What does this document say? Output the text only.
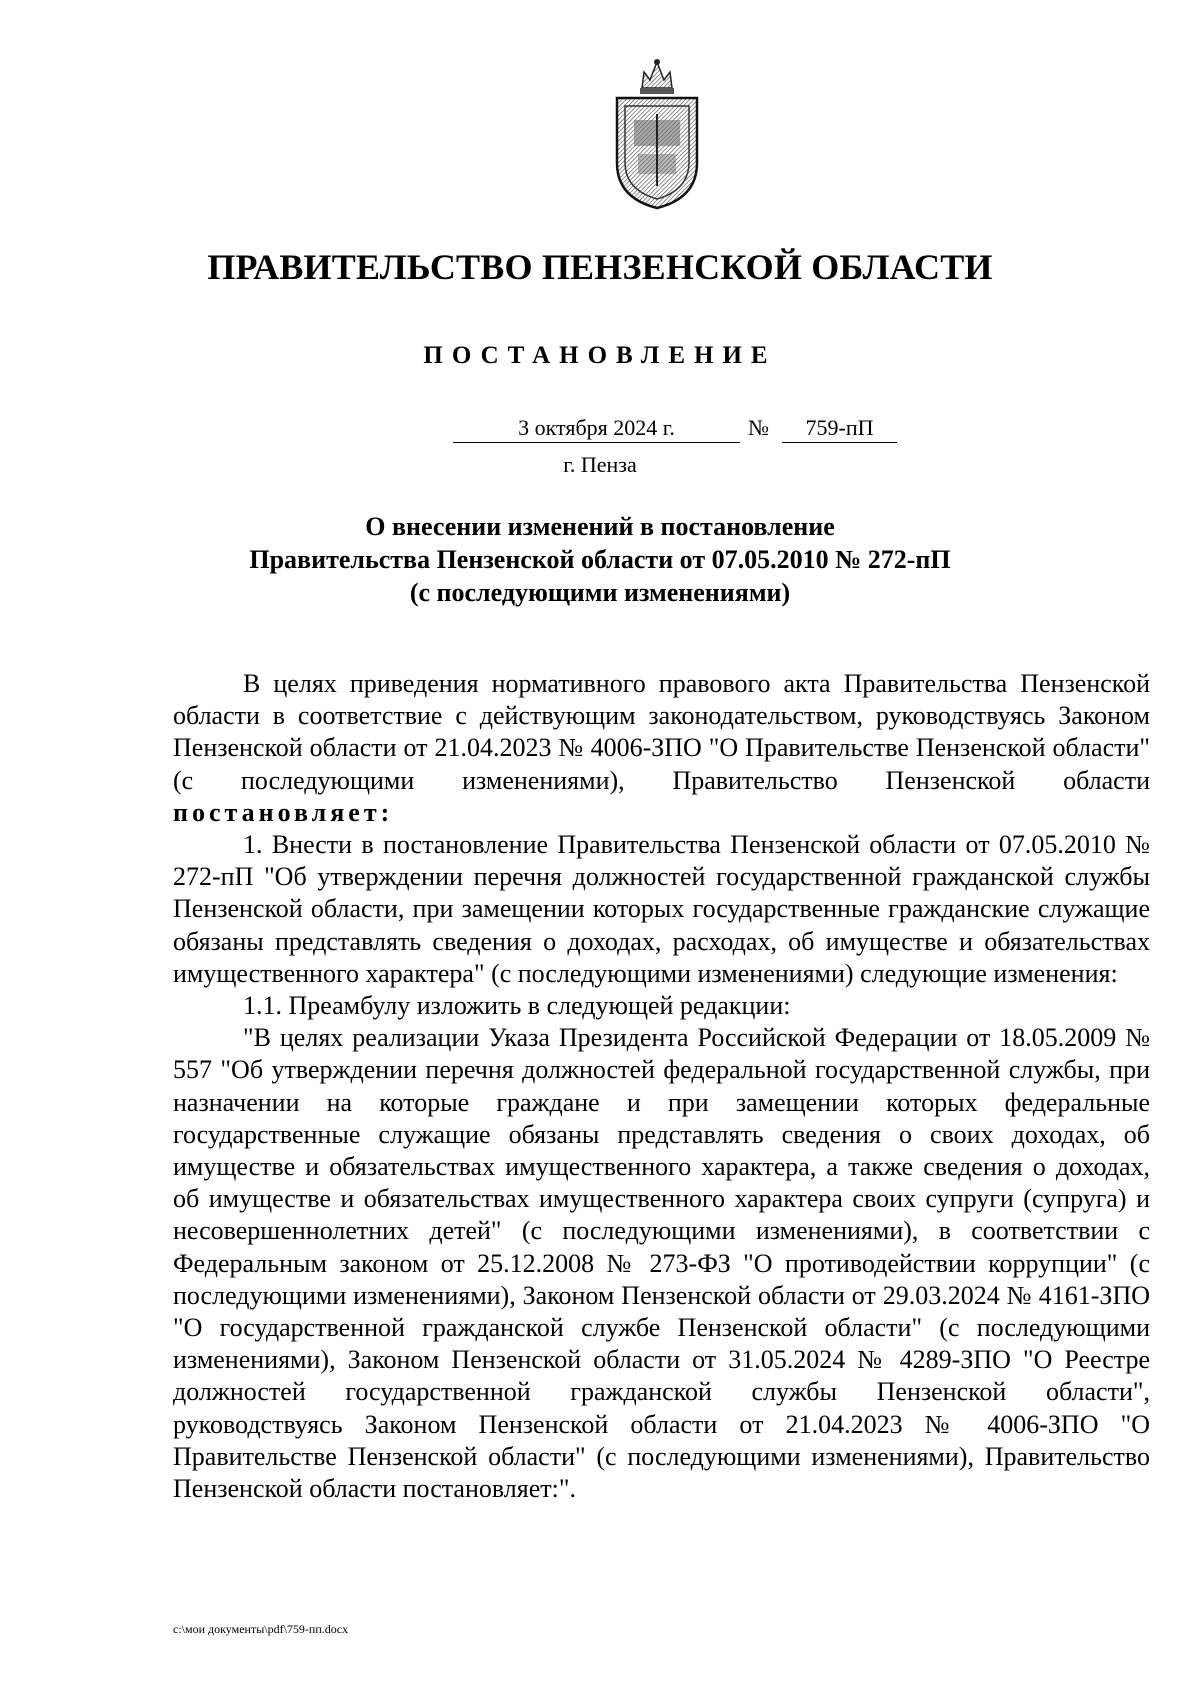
ПРАВИТЕЛЬСТВО ПЕНЗЕНСКОЙ ОБЛАСТИ
ПОСТАНОВЛЕНИЕ
3 октября 2024 г.	№	759-пП
г. Пенза
О внесении изменений в постановление
Правительства Пензенской области от 07.05.2010 № 272-пП
(с последующими изменениями)

В целях приведения нормативного правового акта Правительства Пензенской области в соответствие с действующим законодательством, руководствуясь Законом Пензенской области от 21.04.2023 № 4006-ЗПО "О Правительстве Пензенской области" (с последующими изменениями), Правительство Пензенской области постановляет:

1. Внести в постановление Правительства Пензенской области от 07.05.2010 № 272-пП "Об утверждении перечня должностей государственной гражданской службы Пензенской области, при замещении которых государственные гражданские служащие обязаны представлять сведения о доходах, расходах, об имуществе и обязательствах имущественного характера" (с последующими изменениями) следующие изменения:

1.1. Преамбулу изложить в следующей редакции:

"В целях реализации Указа Президента Российской Федерации от 18.05.2009 № 557 "Об утверждении перечня должностей федеральной государственной службы, при назначении на которые граждане и при замещении которых федеральные государственные служащие обязаны представлять сведения о своих доходах, об имуществе и обязательствах имущественного характера, а также сведения о доходах, об имуществе и обязательствах имущественного характера своих супруги (супруга) и несовершеннолетних детей" (с последующими изменениями), в соответствии с Федеральным законом от 25.12.2008 № 273-ФЗ "О противодействии коррупции" (с последующими изменениями), Законом Пензенской области от 29.03.2024 № 4161-ЗПО "О государственной гражданской службе Пензенской области" (с последующими изменениями), Законом Пензенской области от 31.05.2024 № 4289-ЗПО "О Реестре должностей государственной гражданской службы Пензенской области", руководствуясь Законом Пензенской области от 21.04.2023 № 4006-ЗПО "О Правительстве Пензенской области" (с последующими изменениями), Правительство Пензенской области постановляет:".

c:\мои документы\pdf\759-пп.docx
